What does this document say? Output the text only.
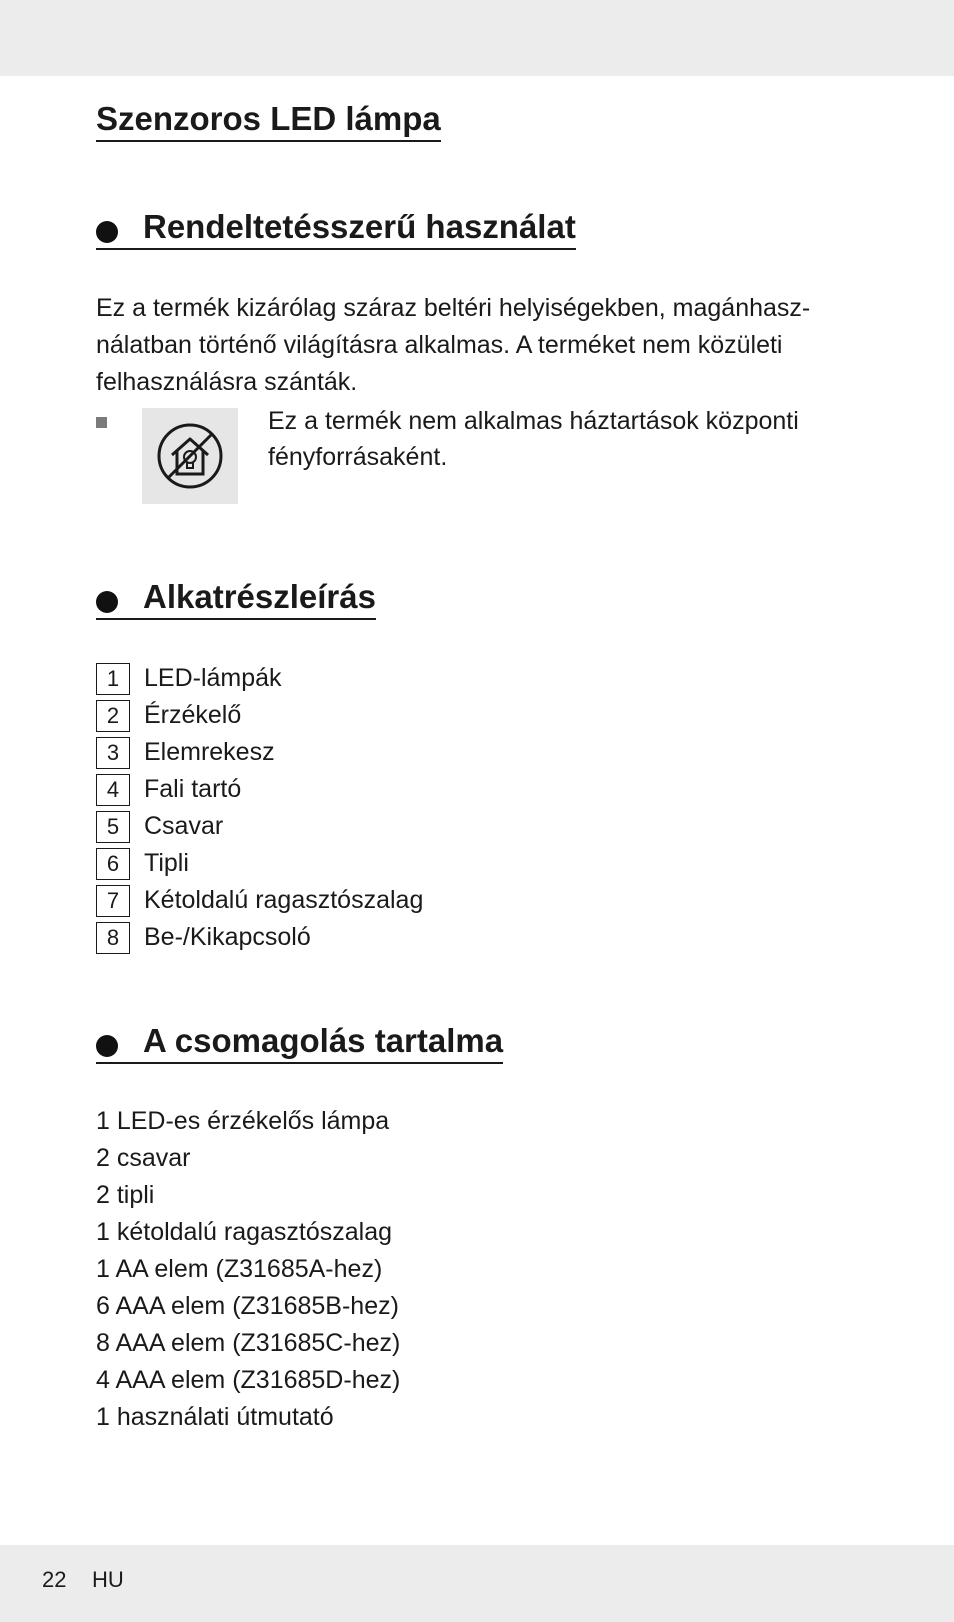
Szenzoros LED lámpa
Rendeltetésszerű használat
Ez a termék kizárólag száraz beltéri helyiségekben, magánhasz-nálatban történő világításra alkalmas. A terméket nem közületi felhasználásra szánták.
Ez a termék nem alkalmas háztartások központi fényforrásaként.
Alkatrészleírás
1 LED-lámpák
2 Érzékelő
3 Elemrekesz
4 Fali tartó
5 Csavar
6 Tipli
7 Kétoldalú ragasztószalag
8 Be-/Kikapcsoló
A csomagolás tartalma
1 LED-es érzékelős lámpa
2 csavar
2 tipli
1 kétoldalú ragasztószalag
1 AA elem (Z31685A-hez)
6 AAA elem (Z31685B-hez)
8 AAA elem (Z31685C-hez)
4 AAA elem (Z31685D-hez)
1 használati útmutató
22 HU
